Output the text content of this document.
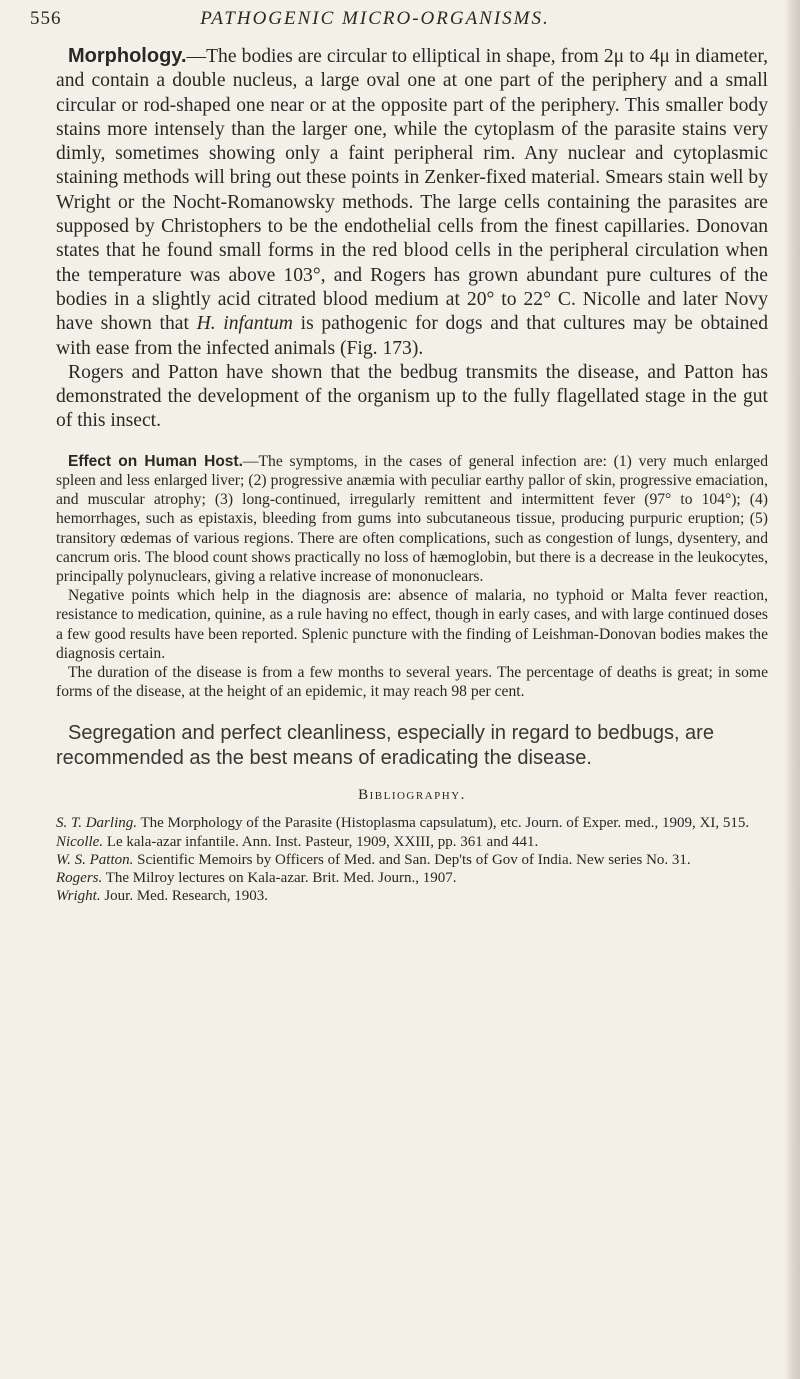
556	PATHOGENIC MICRO-ORGANISMS.

Morphology.—The bodies are circular to elliptical in shape, from 2μ to 4μ in diameter, and contain a double nucleus, a large oval one at one part of the periphery and a small circular or rod-shaped one near or at the opposite part of the periphery. This smaller body stains more intensely than the larger one, while the cytoplasm of the parasite stains very dimly, sometimes showing only a faint peripheral rim. Any nuclear and cytoplasmic staining methods will bring out these points in Zenker-fixed material. Smears stain well by Wright or the Nocht-Romanowsky methods. The large cells containing the parasites are supposed by Christophers to be the endothelial cells from the finest capillaries. Donovan states that he found small forms in the red blood cells in the peripheral circulation when the temperature was above 103°, and Rogers has grown abundant pure cultures of the bodies in a slightly acid citrated blood medium at 20° to 22° C. Nicolle and later Novy have shown that H. infantum is pathogenic for dogs and that cultures may be obtained with ease from the infected animals (Fig. 173).

Rogers and Patton have shown that the bedbug transmits the disease, and Patton has demonstrated the development of the organism up to the fully flagellated stage in the gut of this insect.

Effect on Human Host.—The symptoms, in the cases of general infection are: (1) very much enlarged spleen and less enlarged liver; (2) progressive anæmia with peculiar earthy pallor of skin, progressive emaciation, and muscular atrophy; (3) long-continued, irregularly remittent and intermittent fever (97° to 104°); (4) hemorrhages, such as epistaxis, bleeding from gums into subcutaneous tissue, producing purpuric eruption; (5) transitory œdemas of various regions. There are often complications, such as congestion of lungs, dysentery, and cancrum oris. The blood count shows practically no loss of hæmoglobin, but there is a decrease in the leukocytes, principally polynuclears, giving a relative increase of mononuclears.

Negative points which help in the diagnosis are: absence of malaria, no typhoid or Malta fever reaction, resistance to medication, quinine, as a rule having no effect, though in early cases, and with large continued doses a few good results have been reported. Splenic puncture with the finding of Leishman-Donovan bodies makes the diagnosis certain.

The duration of the disease is from a few months to several years. The percentage of deaths is great; in some forms of the disease, at the height of an epidemic, it may reach 98 per cent.

Segregation and perfect cleanliness, especially in regard to bedbugs, are recommended as the best means of eradicating the disease.

Bibliography.
S. T. Darling. The Morphology of the Parasite (Histoplasma capsulatum), etc. Journ. of Exper. med., 1909, XI, 515.
Nicolle. Le kala-azar infantile. Ann. Inst. Pasteur, 1909, XXIII, pp. 361 and 441.
W. S. Patton. Scientific Memoirs by Officers of Med. and San. Dep'ts of Gov of India. New series No. 31.
Rogers. The Milroy lectures on Kala-azar. Brit. Med. Journ., 1907.
Wright. Jour. Med. Research, 1903.
